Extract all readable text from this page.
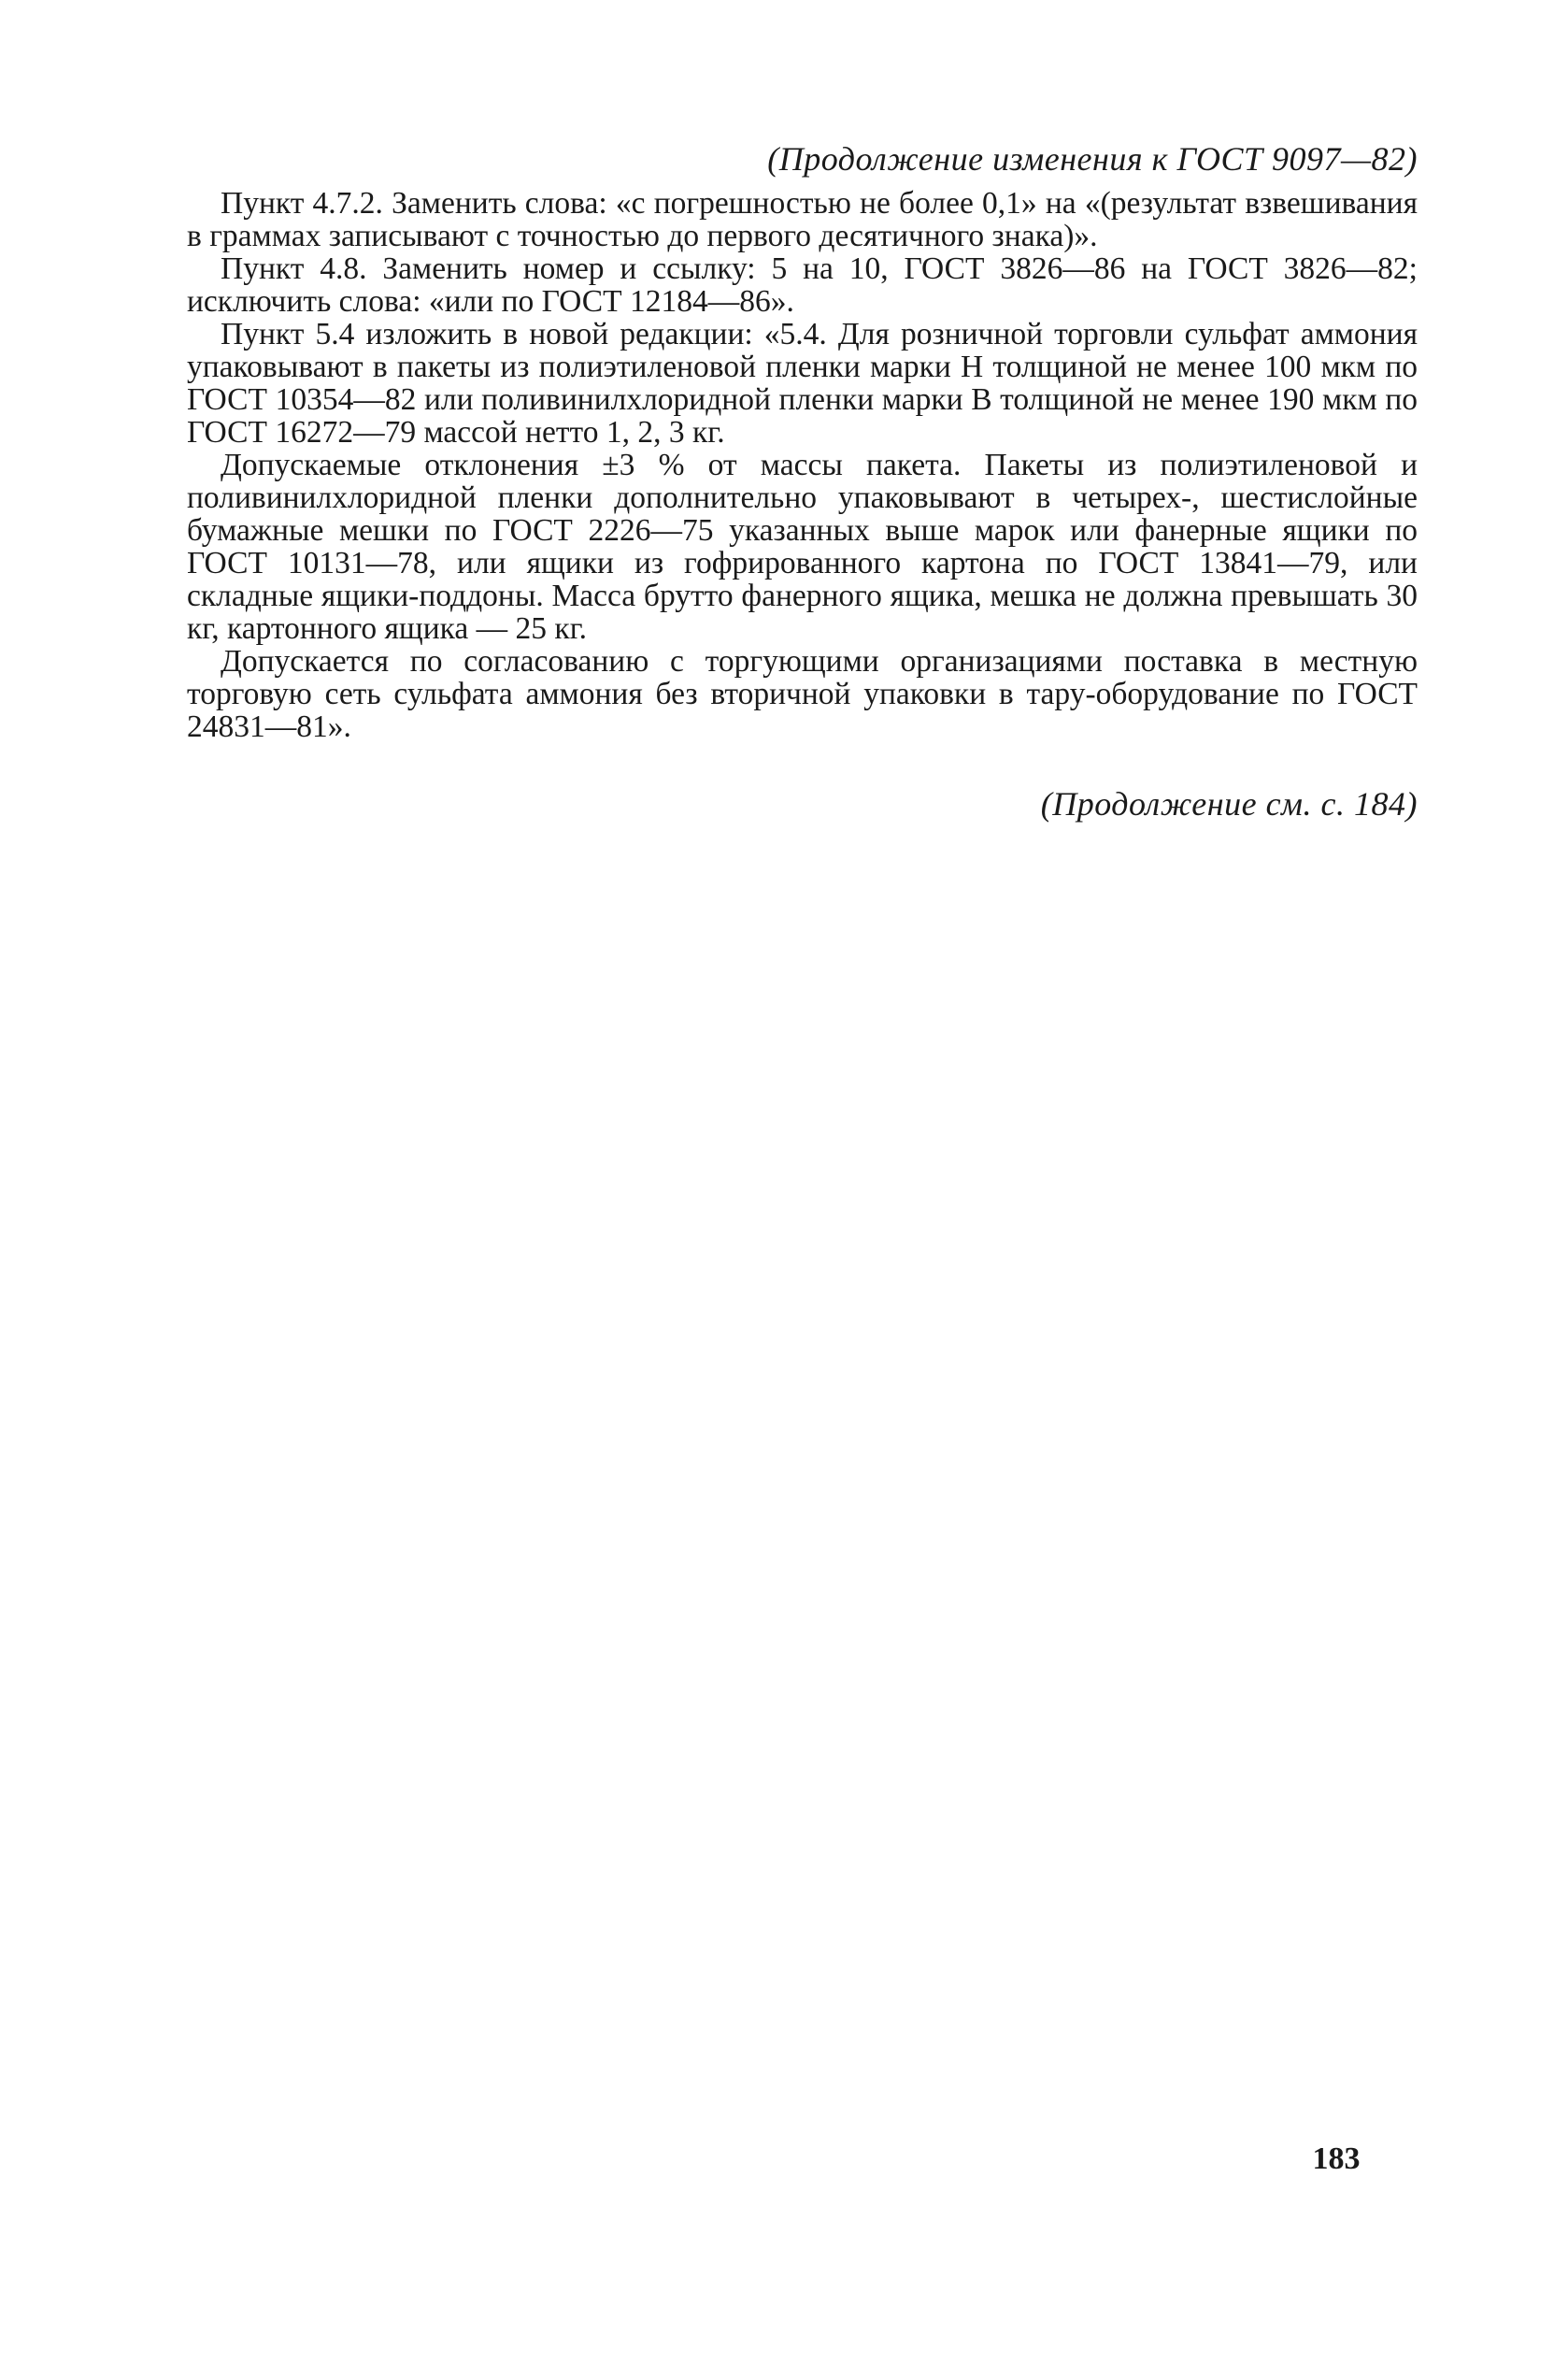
(Продолжение изменения к ГОСТ 9097—82)

Пункт 4.7.2. Заменить слова: «с погрешностью не более 0,1» на «(результат взвешивания в граммах записывают с точностью до первого десятичного знака)».

Пункт 4.8. Заменить номер и ссылку: 5 на 10, ГОСТ 3826—86 на ГОСТ 3826—82; исключить слова: «или по ГОСТ 12184—86».

Пункт 5.4 изложить в новой редакции: «5.4. Для розничной торговли сульфат аммония упаковывают в пакеты из полиэтиленовой пленки марки Н толщиной не менее 100 мкм по ГОСТ 10354—82 или поливинилхлоридной пленки марки В толщиной не менее 190 мкм по ГОСТ 16272—79 массой нетто 1, 2, 3 кг.

Допускаемые отклонения ±3 % от массы пакета. Пакеты из полиэтиленовой и поливинилхлоридной пленки дополнительно упаковывают в четырех-, шестислойные бумажные мешки по ГОСТ 2226—75 указанных выше марок или фанерные ящики по ГОСТ 10131—78, или ящики из гофрированного картона по ГОСТ 13841—79, или складные ящики-поддоны. Масса брутто фанерного ящика, мешка не должна превышать 30 кг, картонного ящика — 25 кг.

Допускается по согласованию с торгующими организациями поставка в местную торговую сеть сульфата аммония без вторичной упаковки в тару-оборудование по ГОСТ 24831—81».

(Продолжение см. с. 184)
183
